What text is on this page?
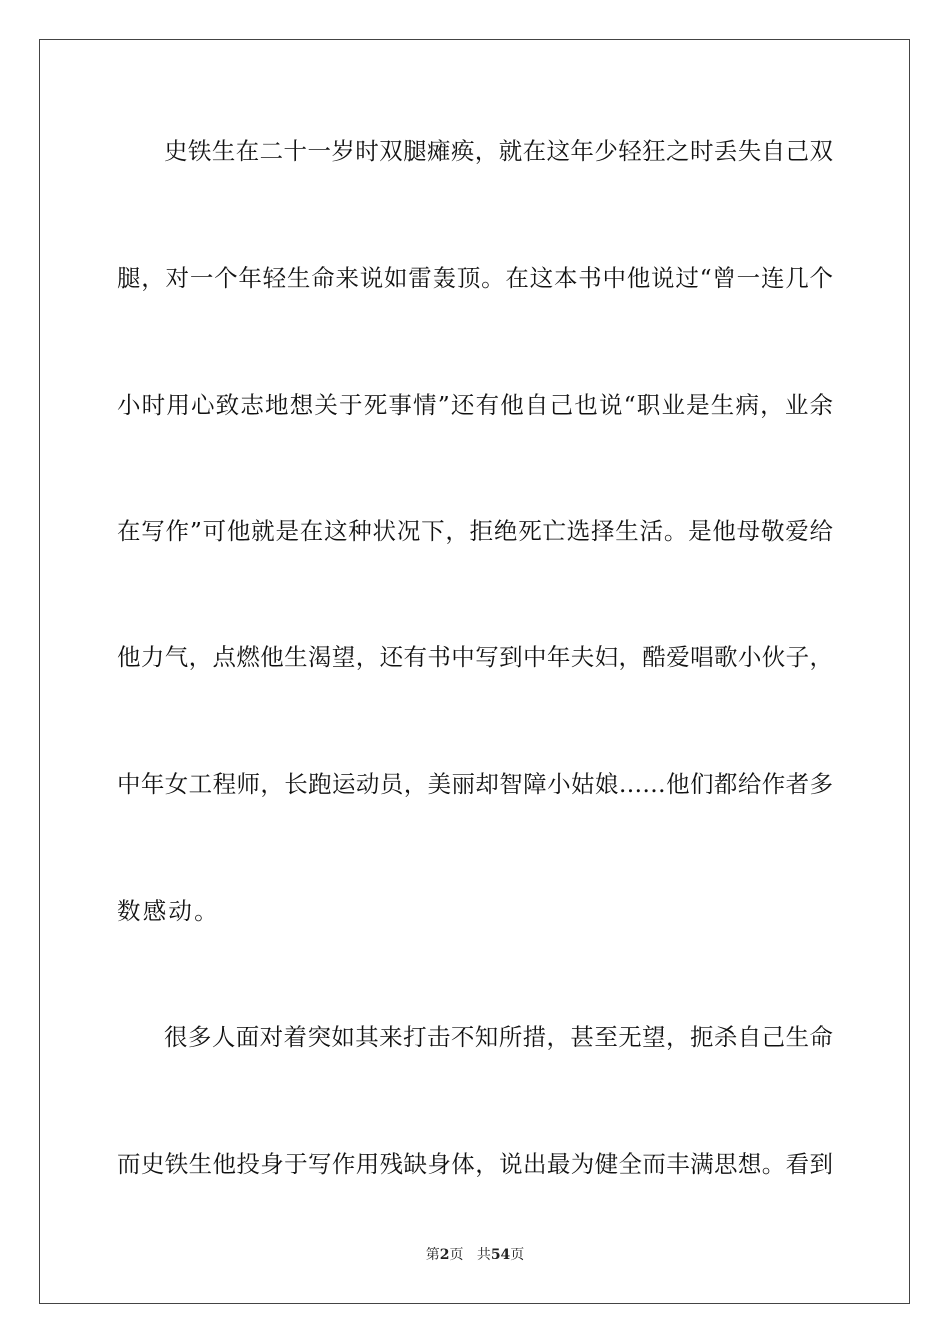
史铁生在二十一岁时双腿瘫痪，就在这年少轻狂之时丢失自己双
腿，对一个年轻生命来说如雷轰顶。在这本书中他说过“曾一连几个
小时用心致志地想关于死事情”还有他自己也说“职业是生病，业余
在写作”可他就是在这种状况下，拒绝死亡选择生活。是他母敬爱给
他力气，点燃他生渴望，还有书中写到中年夫妇，酷爱唱歌小伙子，
中年女工程师，长跑运动员，美丽却智障小姑娘……他们都给作者多
数感动。
很多人面对着突如其来打击不知所措，甚至无望，扼杀自己生命
而史铁生他投身于写作用残缺身体，说出最为健全而丰满思想。看到
第2页 共54页
